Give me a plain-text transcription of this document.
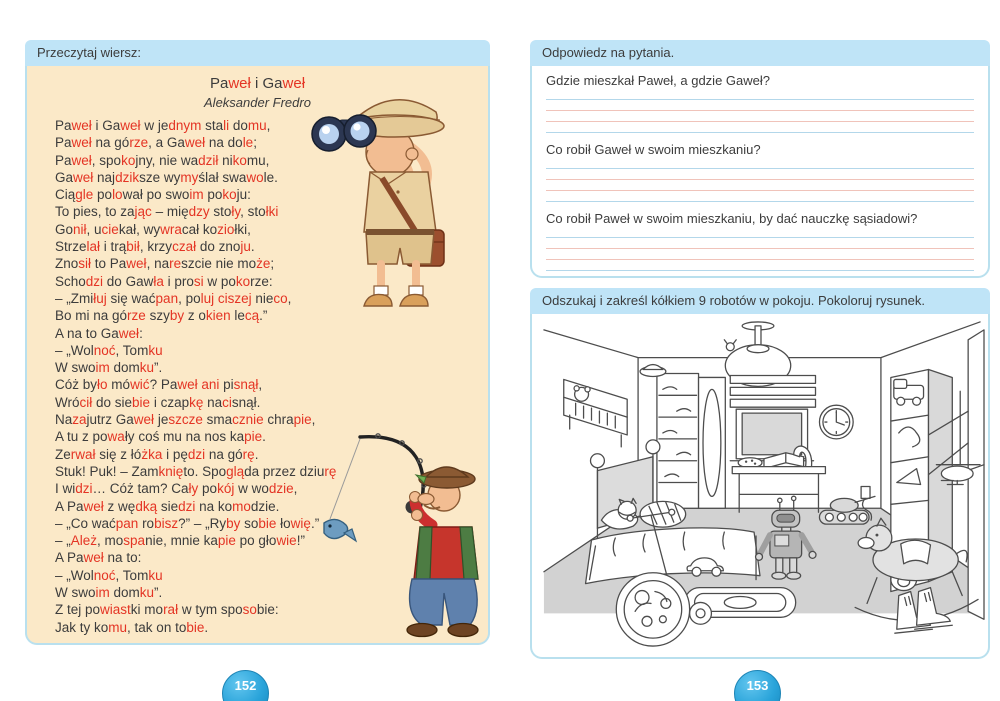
Przeczytaj wiersz:
Paweł i Gaweł
Aleksander Fredro
Paweł i Gaweł w jednym stali domu,
Paweł na górze, a Gaweł na dole;
Paweł, spokojny, nie wadził nikomu,
Gaweł najdziksze wymyślał swawole.
Ciągle polował po swoim pokoju:
To pies, to zając – między stoły, stołki
Gonił, uciekał, wywracał koziołki,
Strzelał i trąbił, krzyczał do znoju.
Znosił to Paweł, nareszcie nie może;
Schodzi do Gawła i prosi w pokorze:
– „Zmiłuj się waćpan, poluj ciszej nieco,
Bo mi na górze szyby z okien lecą.”
A na to Gaweł:
– „Wolnoć, Tomku
W swoim domku”.
Cóż było mówić? Paweł ani pisnął,
Wrócił do siebie i czapkę nacisnął.
Nazajutrz Gaweł jeszcze smacznie chrapie,
A tu z powały coś mu na nos kapie.
Zerwał się z łóżka i pędzi na górę.
Stuk! Puk! – Zamknięto. Spogląda przez dziurę
I widzi… Cóż tam? Cały pokój w wodzie,
A Paweł z wędką siedzi na komodzie.
– „Co waćpan robisz?” – „Ryby sobie łowię.”
– „Ależ, mospanie, mnie kapie po głowie!”
A Paweł na to:
– „Wolnoć, Tomku
W swoim domku”.
Z tej powiastki morał w tym sposobie:
Jak ty komu, tak on tobie.
152
Odpowiedz na pytania.

Gdzie mieszkał Paweł, a gdzie Gaweł?

Co robił Gaweł w swoim mieszkaniu?

Co robił Paweł w swoim mieszkaniu, by dać nauczkę sąsiadowi?

Odszukaj i zakreśl kółkiem 9 robotów w pokoju. Pokoloruj rysunek.
153
